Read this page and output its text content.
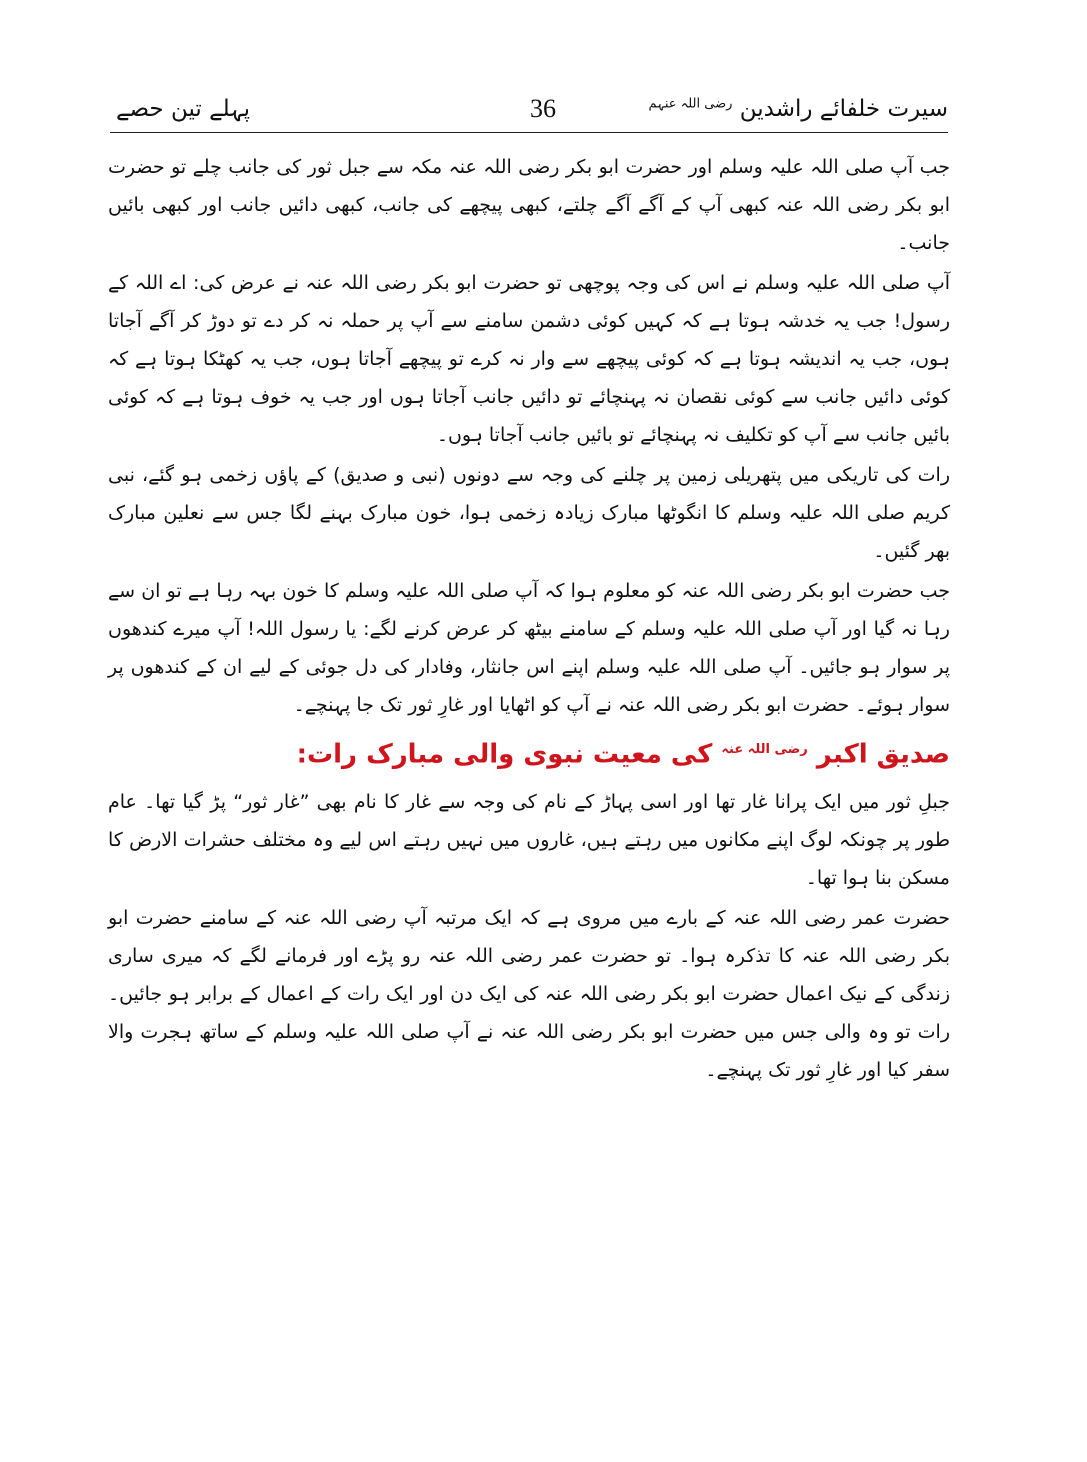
سیرت خلفائے راشدین $^{رضی اللہ عنہم}$
36
پہلے تین حصے

جب آپ صلی اللہ علیہ وسلم اور حضرت ابو بکر رضی اللہ عنہ مکہ سے جبل ثور کی جانب چلے تو حضرت ابو بکر رضی اللہ عنہ کبھی آپ کے آگے آگے چلتے، کبھی پیچھے کی جانب، کبھی دائیں جانب اور کبھی بائیں جانب۔

آپ صلی اللہ علیہ وسلم نے اس کی وجہ پوچھی تو حضرت ابو بکر رضی اللہ عنہ نے عرض کی: اے اللہ کے رسول! جب یہ خدشہ ہوتا ہے کہ کہیں کوئی دشمن سامنے سے آپ پر حملہ نہ کر دے تو دوڑ کر آگے آجاتا ہوں، جب یہ اندیشہ ہوتا ہے کہ کوئی پیچھے سے وار نہ کرے تو پیچھے آجاتا ہوں، جب یہ کھٹکا ہوتا ہے کہ کوئی دائیں جانب سے کوئی نقصان نہ پہنچائے تو دائیں جانب آجاتا ہوں اور جب یہ خوف ہوتا ہے کہ کوئی بائیں جانب سے آپ کو تکلیف نہ پہنچائے تو بائیں جانب آجاتا ہوں۔

رات کی تاریکی میں پتھریلی زمین پر چلنے کی وجہ سے دونوں (نبی و صدیق) کے پاؤں زخمی ہو گئے، نبی کریم صلی اللہ علیہ وسلم کا انگوٹھا مبارک زیادہ زخمی ہوا، خون مبارک بہنے لگا جس سے نعلین مبارک بھر گئیں۔

جب حضرت ابو بکر رضی اللہ عنہ کو معلوم ہوا کہ آپ صلی اللہ علیہ وسلم کا خون بہہ رہا ہے تو ان سے رہا نہ گیا اور آپ صلی اللہ علیہ وسلم کے سامنے بیٹھ کر عرض کرنے لگے: یا رسول اللہ! آپ میرے کندھوں پر سوار ہو جائیں۔ آپ صلی اللہ علیہ وسلم اپنے اس جانثار، وفادار کی دل جوئی کے لیے ان کے کندھوں پر سوار ہوئے۔ حضرت ابو بکر رضی اللہ عنہ نے آپ کو اٹھایا اور غارِ ثور تک جا پہنچے۔

صدیق اکبر $^{رضی اللہ عنہ}$ کی معیت نبوی والی مبارک رات:

جبلِ ثور میں ایک پرانا غار تھا اور اسی پہاڑ کے نام کی وجہ سے غار کا نام بھی ”غار ثور“ پڑ گیا تھا۔ عام طور پر چونکہ لوگ اپنے مکانوں میں رہتے ہیں، غاروں میں نہیں رہتے اس لیے وہ مختلف حشرات الارض کا مسکن بنا ہوا تھا۔

حضرت عمر رضی اللہ عنہ کے بارے میں مروی ہے کہ ایک مرتبہ آپ رضی اللہ عنہ کے سامنے حضرت ابو بکر رضی اللہ عنہ کا تذکرہ ہوا۔ تو حضرت عمر رضی اللہ عنہ رو پڑے اور فرمانے لگے کہ میری ساری زندگی کے نیک اعمال حضرت ابو بکر رضی اللہ عنہ کی ایک دن اور ایک رات کے اعمال کے برابر ہو جائیں۔ رات تو وہ والی جس میں حضرت ابو بکر رضی اللہ عنہ نے آپ صلی اللہ علیہ وسلم کے ساتھ ہجرت والا سفر کیا اور غارِ ثور تک پہنچے۔
